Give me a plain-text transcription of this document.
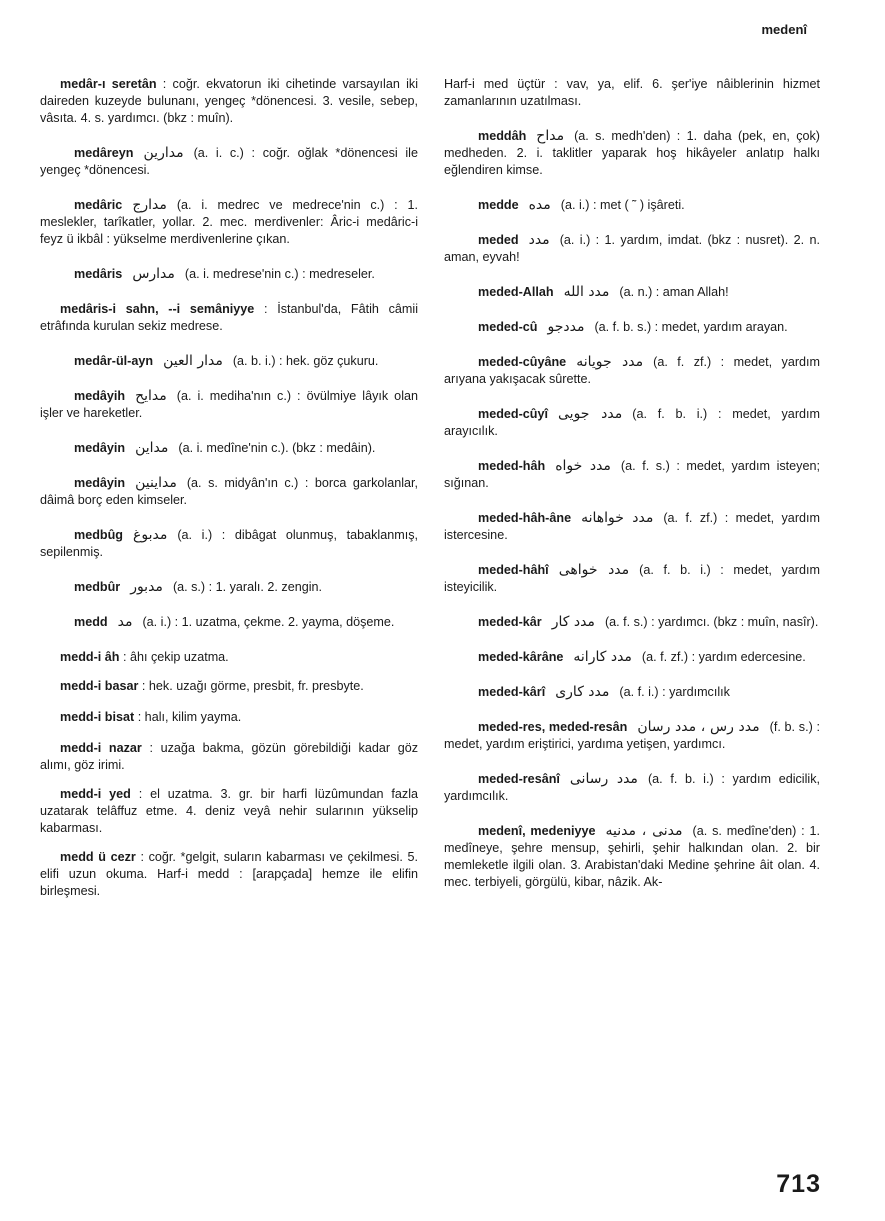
medenî
medâr-ı seretân : coğr. ekvatorun iki cihetinde varsayılan iki daireden kuzeyde bulunanı, yengeç *dönencesi. 3. vesile, sebep, vâsıta. 4. s. yardımcı. (bkz : muîn).
medâreyn مدارين (a. i. c.) : coğr. oğlak *dönencesi ile yengeç *dönencesi.
medâric مدارج (a. i. medrec ve medrece'nin c.) : 1. meslekler, tarîkatler, yollar. 2. mec. merdivenler: Âric-i medâric-i feyz ü ikbâl : yükselme merdivenlerine çıkan.
medâris مدارس (a. i. medrese'nin c.) : medreseler.
medâris-i sahn, --i semâniyye : İstanbul'da, Fâtih câmii etrâfında kurulan sekiz medrese.
medâr-ül-ayn مدار العين (a. b. i.) : hek. göz çukuru.
medâyih مدايح (a. i. mediha'nın c.) : övülmiye lâyık olan işler ve hareketler.
medâyin مداين (a. i. medîne'nin c.). (bkz : medâin).
medâyin مداينين (a. s. midyân'ın c.) : borca garkolanlar, dâimâ borç eden kimseler.
medbûg مدبوغ (a. i.) : dibâgat olunmuş, tabaklanmış, sepilenmiş.
medbûr مدبور (a. s.) : 1. yaralı. 2. zengin.
medd مد (a. i.) : 1. uzatma, çekme. 2. yayma, döşeme.
medd-i âh : âhı çekip uzatma.
medd-i basar : hek. uzağı görme, presbit, fr. presbyte.
medd-i bisat : halı, kilim yayma.
medd-i nazar : uzağa bakma, gözün görebildiği kadar göz alımı, göz irimi.
medd-i yed : el uzatma. 3. gr. bir harfi lüzûmundan fazla uzatarak telâffuz etme. 4. deniz veyâ nehir sularının yükselip kabarması.
medd ü cezr : coğr. *gelgit, suların kabarması ve çekilmesi. 5. elifi uzun okuma. Harf-i medd : [arapçada] hemze ile elifin birleşmesi.
Harf-i med üçtür : vav, ya, elif. 6. şer'iye nâiblerinin hizmet zamanlarının uzatılması.
meddâh مداح (a. s. medh'den) : 1. daha (pek, en, çok) medheden. 2. i. taklitler yaparak hoş hikâyeler anlatıp halkı eğlendiren kimse.
medde مده (a. i.) : met ( ˜ ) işâreti.
meded مدد (a. i.) : 1. yardım, imdat. (bkz : nusret). 2. n. aman, eyvah!
meded-Allah مدد الله (a. n.) : aman Allah!
meded-cû مددجو (a. f. b. s.) : medet, yardım arayan.
meded-cûyâne مدد جويانه (a. f. zf.) : medet, yardım arıyana yakışacak sûrette.
meded-cûyî مدد جويى (a. f. b. i.) : medet, yardım arayıcılık.
meded-hâh مدد خواه (a. f. s.) : medet, yardım isteyen; sığınan.
meded-hâh-âne مدد خواهانه (a. f. zf.) : medet, yardım istercesine.
meded-hâhî مدد خواهى (a. f. b. i.) : medet, yardım isteyicilik.
meded-kâr مدد كار (a. f. s.) : yardımcı. (bkz : muîn, nasîr).
meded-kârâne مدد كارانه (a. f. zf.) : yardım edercesine.
meded-kârî مدد كارى (a. f. i.) : yardımcılık
meded-res, meded-resân مدد رس ، مدد رسان (f. b. s.) : medet, yardım eriştirici, yardıma yetişen, yardımcı.
meded-resânî مدد رسانى (a. f. b. i.) : yardım edicilik, yardımcılık.
medenî, medeniyye مدنى ، مدنيه (a. s. medîne'den) : 1. medîneye, şehre mensup, şehirli, şehir halkından olan. 2. bir memleketle ilgili olan. 3. Arabistan'daki Medine şehrine âit olan. 4. mec. terbiyeli, görgülü, kibar, nâzik. Ak-
713
